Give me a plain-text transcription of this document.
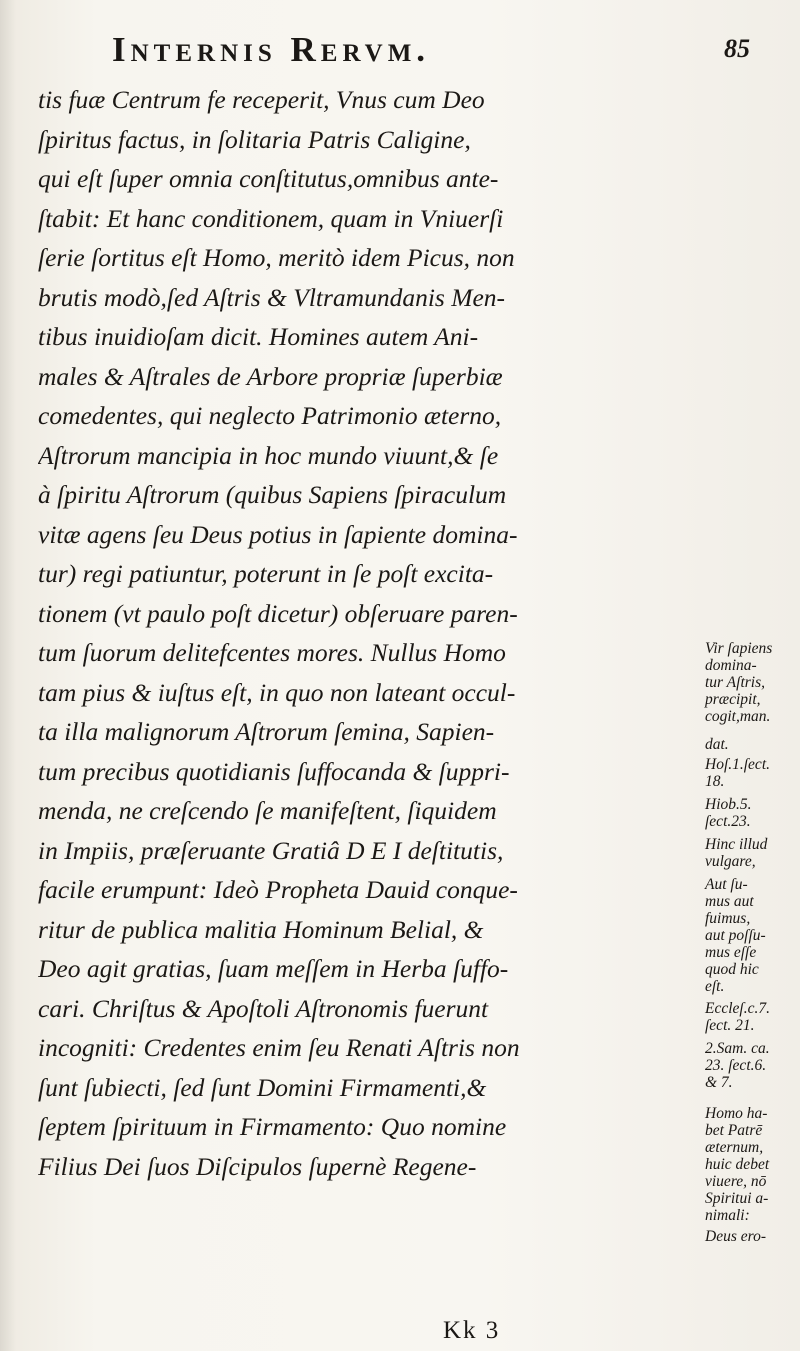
Internis Rervm.	85
tis fuæ Centrum fe receperit, Vnus cum Deo
ſpiritus factus, in ſolitaria Patris Caligine,
qui eſt ſuper omnia conſtitutus,omnibus ante-
ſtabit: Et hanc conditionem, quam in Vniuerſi
ſerie ſortitus eſt Homo, meritò idem Picus, non
brutis modò,ſed Aſtris & Vltramundanis Men-
tibus inuidioſam dicit. Homines autem Ani-
males & Aſtrales de Arbore propriæ ſuperbiæ
comedentes, qui neglecto Patrimonio æterno,
Aſtrorum mancipia in hoc mundo viuunt,& ſe
à ſpiritu Aſtrorum (quibus Sapiens ſpiraculum
vitæ agens ſeu Deus potius in ſapiente domina-
tur) regi patiuntur, poterunt in ſe poſt excita-
tionem (vt paulo poſt dicetur) obſeruare paren-
tum ſuorum delitefcentes mores. Nullus Homo
tam pius & iuſtus eſt, in quo non lateant occul-
ta illa malignorum Aſtrorum ſemina, Sapien-
tum precibus quotidianis ſuffocanda & ſuppri-
menda, ne creſcendo ſe manifeſtent, ſiquidem
in Impiis, præſeruante Gratiâ D E I deſtitutis,
facile erumpunt: Ideò Propheta Dauid conque-
ritur de publica malitia Hominum Belial, &
Deo agit gratias, ſuam meſſem in Herba ſuffo-
cari. Chriſtus & Apoſtoli Aſtronomis fuerunt
incogniti: Credentes enim ſeu Renati Aſtris non
ſunt ſubiecti, ſed ſunt Domini Firmamenti,&
ſeptem ſpirituum in Firmamento: Quo nomine
Filius Dei ſuos Diſcipulos ſupernè Regene-
Vir ſapiens
domina-
tur Aſtris,
præcipit,
cogit,man.
dat.
Hoſ.1.ſect.
18.
Hiob.5.
ſect.23.
Hinc illud
vulgare,
Aut ſu-
mus aut
fuimus,
aut poſſu-
mus eſſe
quod hic
eſt.
Eccleſ.c.7.
ſect. 21.
2.Sam. ca.
23. ſect.6.
& 7.
Homo ha-
bet Patrē
æternum,
huic debet
viuere, nō
Spiritui a-
nimali:
Deus ero-
Kk 3
